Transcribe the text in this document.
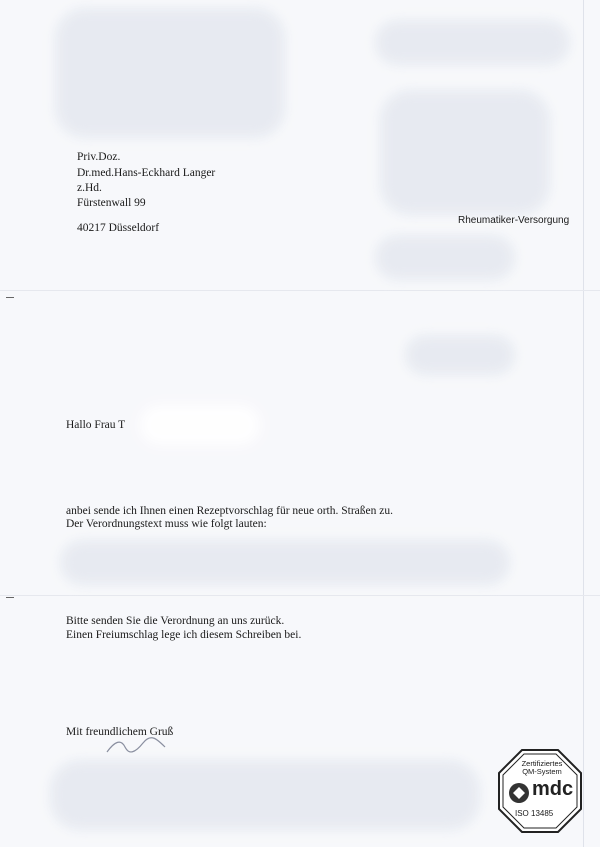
Priv.Doz.
Dr.med.Hans-Eckhard Langer
z.Hd.
Fürstenwall 99
40217 Düsseldorf
Rheumatiker-Versorgung
Hallo Frau T
anbei sende ich Ihnen einen Rezeptvorschlag für neue orth. Straßen zu.
Der Verordnungstext muss wie folgt lauten:
Bitte senden Sie die Verordnung an uns zurück.
Einen Freiumschlag lege ich diesem Schreiben bei.
Mit freundlichem Gruß
Zertifiziertes QM-System
mdc
ISO 13485
